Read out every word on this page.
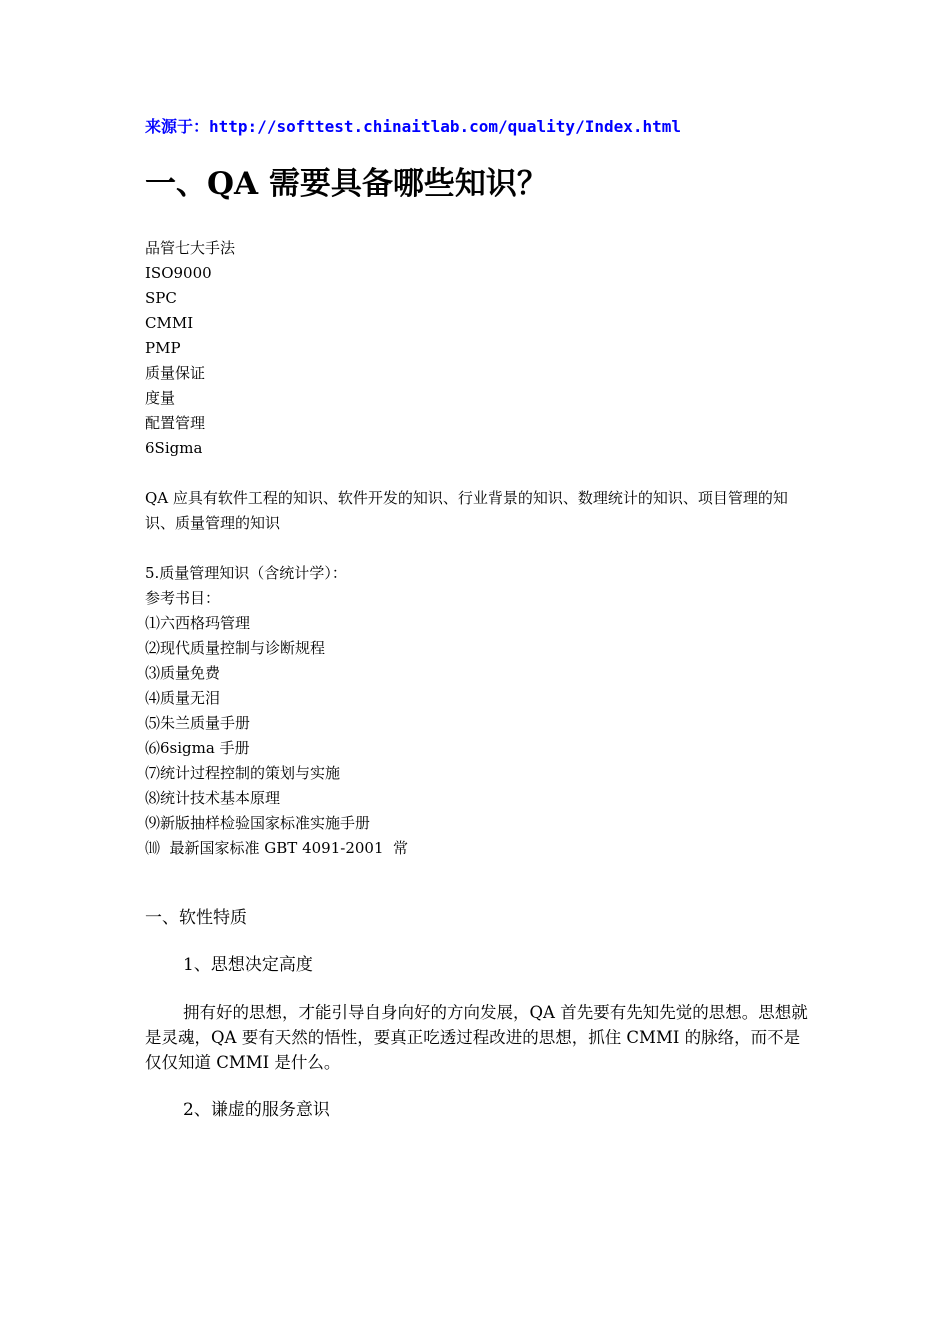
来源于：http://softtest.chinaitlab.com/quality/Index.html
一、QA 需要具备哪些知识？
品管七大手法
ISO9000
SPC
CMMI
PMP
质量保证
度量
配置管理
6Sigma
QA 应具有软件工程的知识、软件开发的知识、行业背景的知识、数理统计的知识、项目管理的知识、质量管理的知识
5.质量管理知识（含统计学）：
参考书目：
⑴六西格玛管理
⑵现代质量控制与诊断规程
⑶质量免费
⑷质量无泪
⑸朱兰质量手册
⑹6sigma 手册
⑺统计过程控制的策划与实施
⑻统计技术基本原理
⑼新版抽样检验国家标准实施手册
⑽  最新国家标准 GBT 4091-2001  常
一、软性特质
1、思想决定高度
拥有好的思想，才能引导自身向好的方向发展，QA 首先要有先知先觉的思想。思想就是灵魂，QA 要有天然的悟性，要真正吃透过程改进的思想，抓住 CMMI 的脉络，而不是仅仅知道 CMMI 是什么。
2、谦虚的服务意识
